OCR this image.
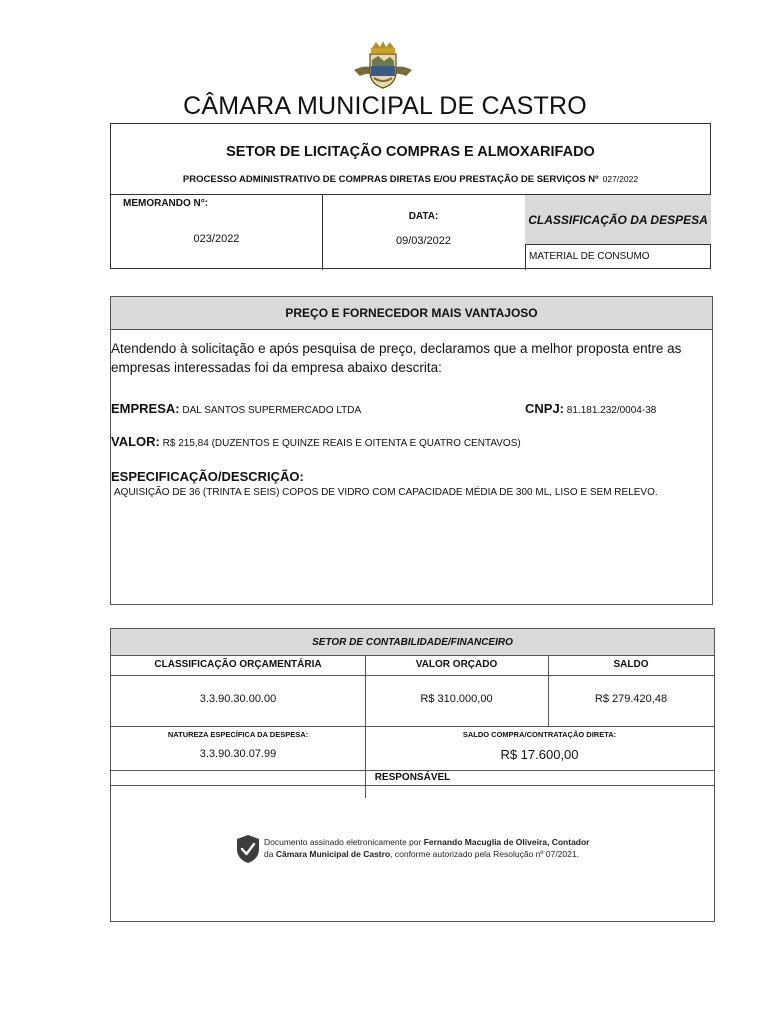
CÂMARA MUNICIPAL DE CASTRO
SETOR DE LICITAÇÃO COMPRAS E ALMOXARIFADO
PROCESSO ADMINISTRATIVO DE COMPRAS DIRETAS E/OU PRESTAÇÃO DE SERVIÇOS Nº 027/2022
MEMORANDO N°:
023/2022
DATA:
09/03/2022
CLASSIFICAÇÃO DA DESPESA
MATERIAL DE CONSUMO
PREÇO E FORNECEDOR MAIS VANTAJOSO
Atendendo à solicitação e após pesquisa de preço, declaramos que a melhor proposta entre as
empresas interessadas foi da empresa abaixo descrita:
EMPRESA: DAL SANTOS SUPERMERCADO LTDA	CNPJ: 81.181.232/0004-38
VALOR: R$ 215,84 (DUZENTOS E QUINZE REAIS E OITENTA E QUATRO CENTAVOS)
ESPECIFICAÇÃO/DESCRIÇÃO:
AQUISIÇÃO DE 36 (TRINTA E SEIS) COPOS DE VIDRO COM CAPACIDADE MÉDIA DE 300 ML, LISO E SEM RELEVO.
SETOR DE CONTABILIDADE/FINANCEIRO
CLASSIFICAÇÃO ORÇAMENTÁRIA	VALOR ORÇADO	SALDO
3.3.90.30.00.00	R$ 310.000,00	R$ 279.420,48
NATUREZA ESPECÍFICA DA DESPESA:
3.3.90.30.07.99
SALDO COMPRA/CONTRATAÇÃO DIRETA:
R$ 17.600,00
RESPONSÁVEL
Documento assinado eletronicamente por Fernando Macuglia de Oliveira, Contador
da Câmara Municipal de Castro, conforme autorizado pela Resolução nº 07/2021.
